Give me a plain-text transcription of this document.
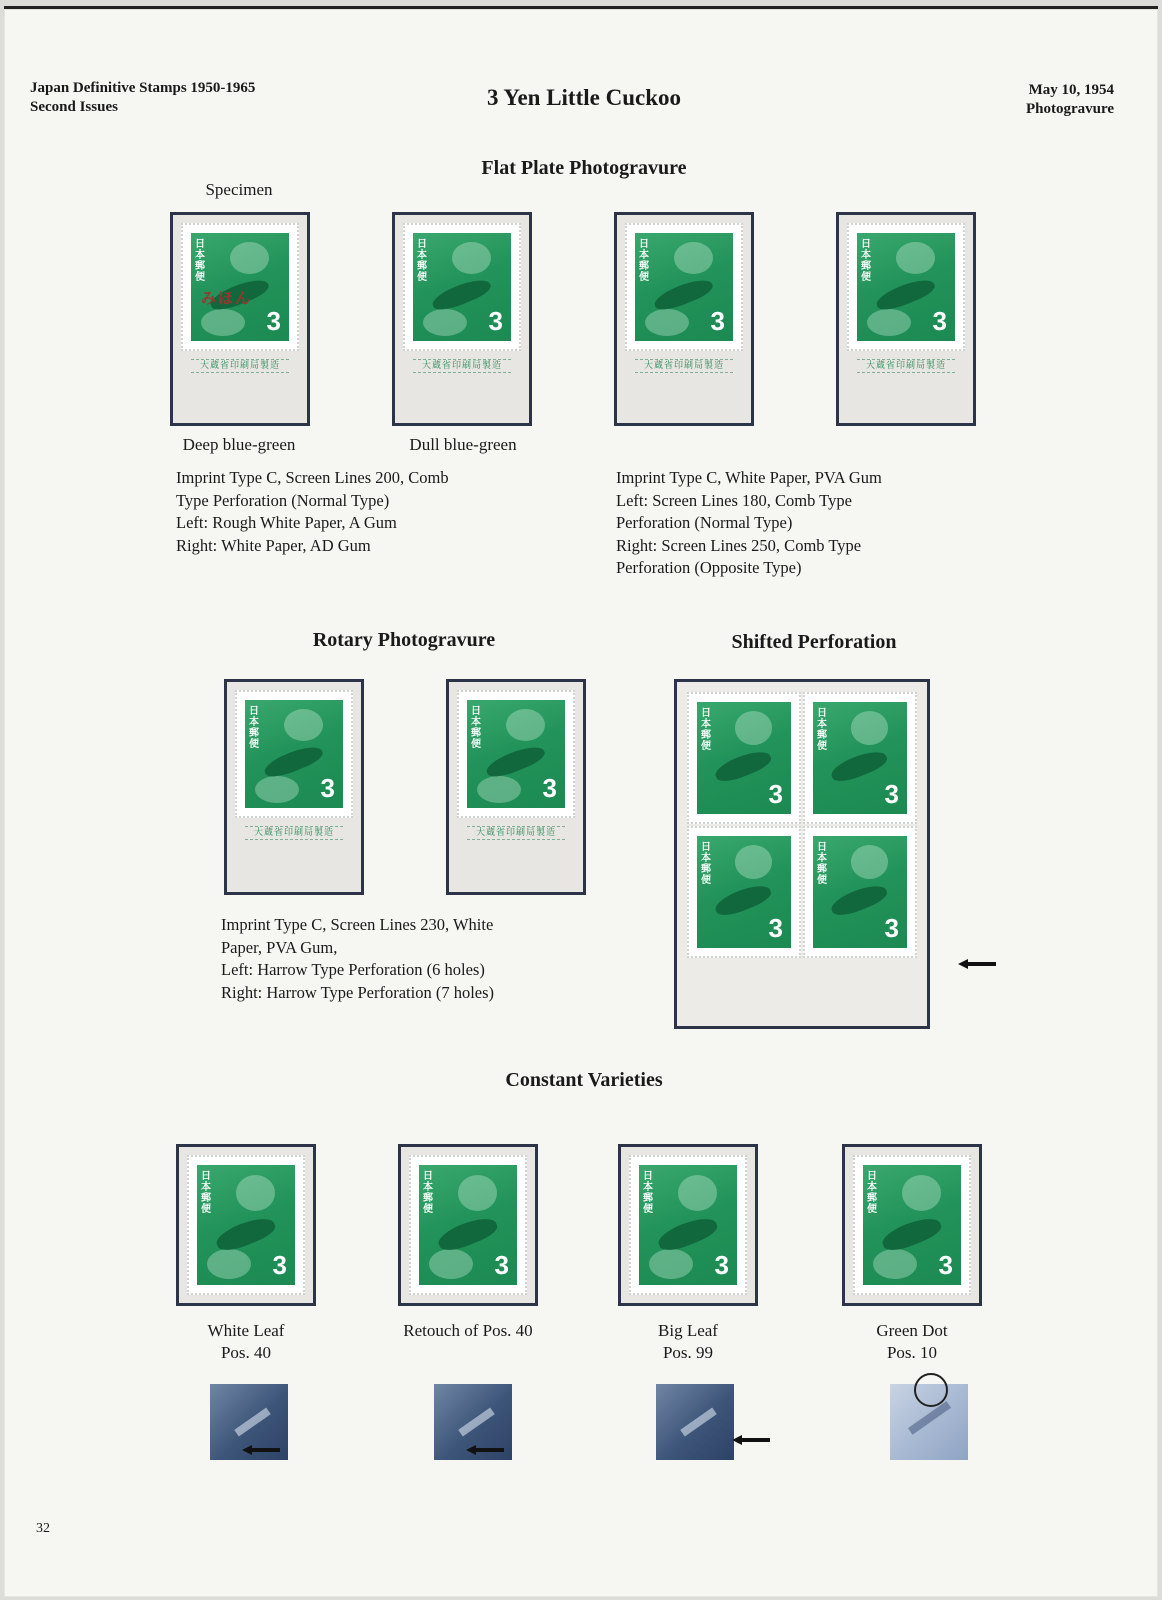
Japan Definitive Stamps 1950-1965
Second Issues	3 Yen Little Cuckoo	May 10, 1954
Photogravure
Flat Plate Photogravure
Specimen
日本郵便
みほん
3
大蔵省印刷局製造
日本郵便
3
大蔵省印刷局製造
日本郵便
3
大蔵省印刷局製造
日本郵便
3
大蔵省印刷局製造
Deep blue-green	Dull blue-green
Imprint Type C, Screen Lines 200, Comb
Type Perforation (Normal Type)
Left: Rough White Paper, A Gum
Right: White Paper, AD Gum
Imprint Type C, White Paper, PVA Gum
Left: Screen Lines 180, Comb Type
Perforation (Normal Type)
Right: Screen Lines 250, Comb Type
Perforation (Opposite Type)
Rotary Photogravure
日本郵便
3
大蔵省印刷局製造
日本郵便
3
大蔵省印刷局製造
Imprint Type C, Screen Lines 230, White
Paper, PVA Gum,
Left: Harrow Type Perforation (6 holes)
Right: Harrow Type Perforation (7 holes)
Shifted Perforation
日本郵便
3
日本郵便
3
日本郵便
3
日本郵便
3
Constant Varieties
日本郵便
3
日本郵便
3
日本郵便
3
日本郵便
3
White Leaf
Pos. 40
Retouch of Pos. 40	Big Leaf
Pos. 99
Green Dot
Pos. 10
32
